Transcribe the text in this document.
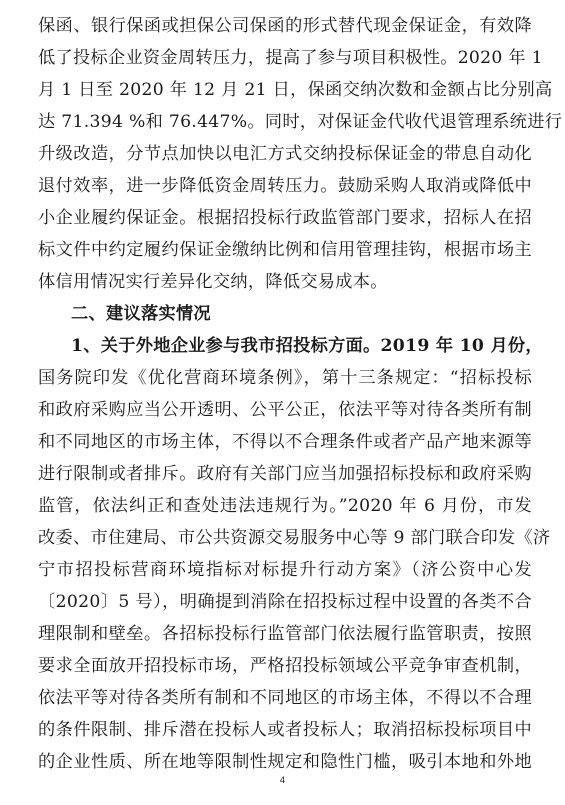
保函、银行保函或担保公司保函的形式替代现金保证金，有效降
低了投标企业资金周转压力，提高了参与项目积极性。2020 年 1
月 1 日至 2020 年 12 月 21 日，保函交纳次数和金额占比分别高
达 71.394 %和 76.447%。同时，对保证金代收代退管理系统进行
升级改造，分节点加快以电汇方式交纳投标保证金的带息自动化
退付效率，进一步降低资金周转压力。鼓励采购人取消或降低中
小企业履约保证金。根据招投标行政监管部门要求，招标人在招
标文件中约定履约保证金缴纳比例和信用管理挂钩，根据市场主
体信用情况实行差异化交纳，降低交易成本。
二、建议落实情况
1、关于外地企业参与我市招投标方面。2019 年 10 月份，
国务院印发《优化营商环境条例》，第十三条规定：“招标投标
和政府采购应当公开透明、公平公正，依法平等对待各类所有制
和不同地区的市场主体，不得以不合理条件或者产品产地来源等
进行限制或者排斥。政府有关部门应当加强招标投标和政府采购
监管，依法纠正和查处违法违规行为。”2020 年 6 月份，市发
改委、市住建局、市公共资源交易服务中心等 9 部门联合印发《济
宁市招投标营商环境指标对标提升行动方案》（济公资中心发
〔2020〕5 号），明确提到消除在招投标过程中设置的各类不合
理限制和壁垒。各招标投标行监管部门依法履行监管职责，按照
要求全面放开招投标市场，严格招投标领域公平竞争审查机制，
依法平等对待各类所有制和不同地区的市场主体，不得以不合理
的条件限制、排斥潜在投标人或者投标人；取消招标投标项目中
的企业性质、所在地等限制性规定和隐性门槛，吸引本地和外地
4
